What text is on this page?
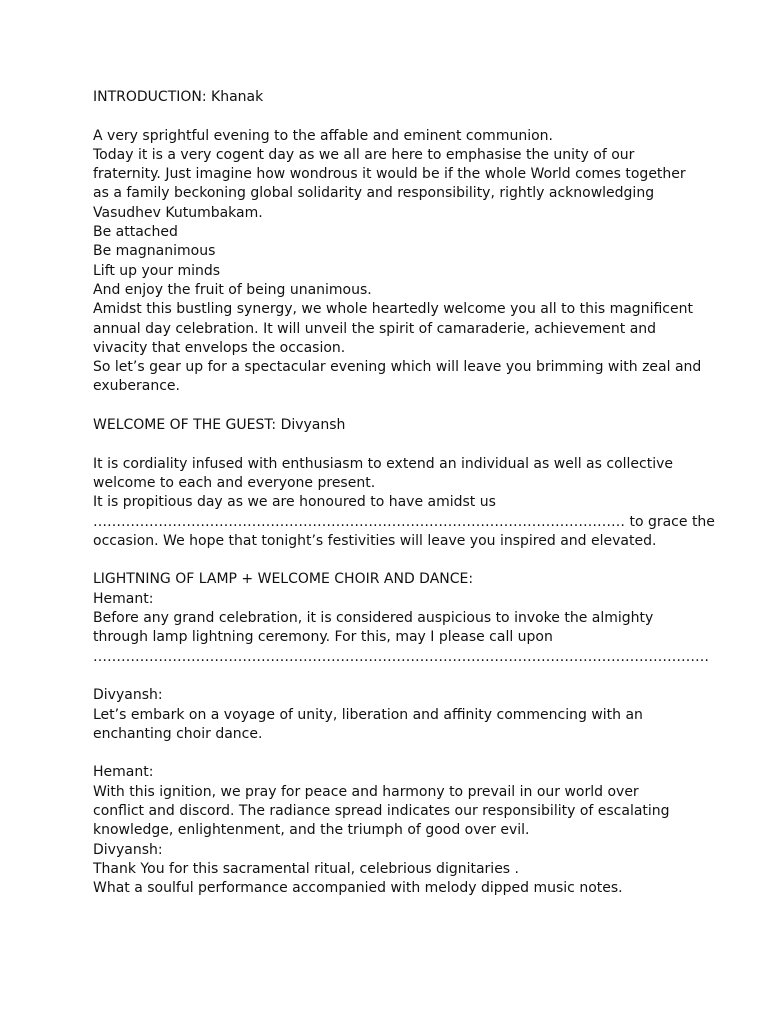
INTRODUCTION: Khanak
A very sprightful evening to the affable and eminent communion.
Today it is a very cogent day as we all are here to emphasise the unity of our
fraternity. Just imagine how wondrous it would be if the whole World comes together
as a family beckoning global solidarity and responsibility, rightly acknowledging
Vasudhev Kutumbakam.
Be attached
Be magnanimous
Lift up your minds
And enjoy the fruit of being unanimous.
Amidst this bustling synergy, we whole heartedly welcome you all to this magnificent
annual day celebration. It will unveil the spirit of camaraderie, achievement and
vivacity that envelops the occasion.
So let’s gear up for a spectacular evening which will leave you brimming with zeal and
exuberance.
WELCOME OF THE GUEST: Divyansh
It is cordiality infused with enthusiasm to extend an individual as well as collective
welcome to each and everyone present.
It is propitious day as we are honoured to have amidst us
…………………………………………………………………………………………………… to grace the
occasion. We hope that tonight’s festivities will leave you inspired and elevated.
LIGHTNING OF LAMP + WELCOME CHOIR AND DANCE:
Hemant:
Before any grand celebration, it is considered auspicious to invoke the almighty
through lamp lightning ceremony. For this, may I please call upon
……………………………………………………………………………………………………………………
Divyansh:
Let’s embark on a voyage of unity, liberation and affinity commencing with an
enchanting choir dance.
Hemant:
With this ignition, we pray for peace and harmony to prevail in our world over
conflict and discord. The radiance spread indicates our responsibility of escalating
knowledge, enlightenment, and the triumph of good over evil.
Divyansh:
Thank You for this sacramental ritual, celebrious dignitaries .
What a soulful performance accompanied with melody dipped music notes.
